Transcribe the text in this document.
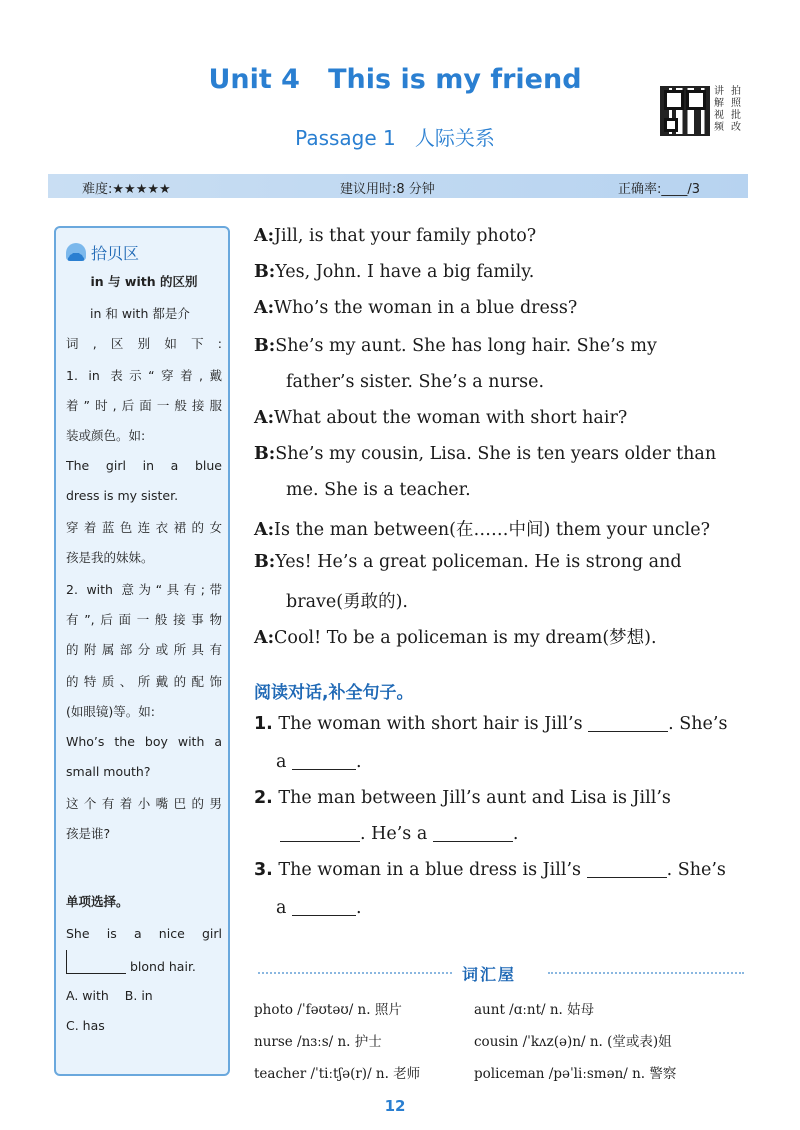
Unit 4   This is my friend
Passage 1   人际关系
讲 拍
解 照
视 批
频 改
难度:★★★★★	建议用时:8 分钟	正确率:____/3
拾贝区
in 与 with 的区别
in 和 with 都是介
词,区别如下:
1. in 表示“穿着,戴
着”时,后面一般接服
装或颜色。如:
The girl in a blue
dress is my sister.
穿着蓝色连衣裙的女
孩是我的妹妹。
2. with 意为“具有;带
有”,后面一般接事物
的附属部分或所具有
的特质、所戴的配饰
(如眼镜)等。如:
Who’s the boy with a
small mouth?
这个有着小嘴巴的男
孩是谁?
单项选择。
She is a nice girl
blond hair.
A. with B. in
C. has
A:Jill, is that your family photo?
B:Yes, John. I have a big family.
A:Who’s the woman in a blue dress?
B:She’s my aunt. She has long hair. She’s my
father’s sister. She’s a nurse.
A:What about the woman with short hair?
B:She’s my cousin, Lisa. She is ten years older than
me. She is a teacher.
A:Is the man between(在……中间) them your uncle?
B:Yes! He’s a great policeman. He is strong and
brave(勇敢的).
A:Cool! To be a policeman is my dream(梦想).
阅读对话,补全句子。
1. The woman with short hair is Jill’s	. She’s
a	.
2. The man between Jill’s aunt and Lisa is Jill’s
. He’s a	.
3. The woman in a blue dress is Jill’s	. She’s
a	.
词汇屋
photo /ˈfəʊtəʊ/ n. 照片	aunt /ɑːnt/ n. 姑母
nurse /nɜːs/ n. 护士	cousin /ˈkʌz(ə)n/ n. (堂或表)姐
teacher /ˈtiːtʃə(r)/ n. 老师	policeman /pəˈliːsmən/ n. 警察
12
